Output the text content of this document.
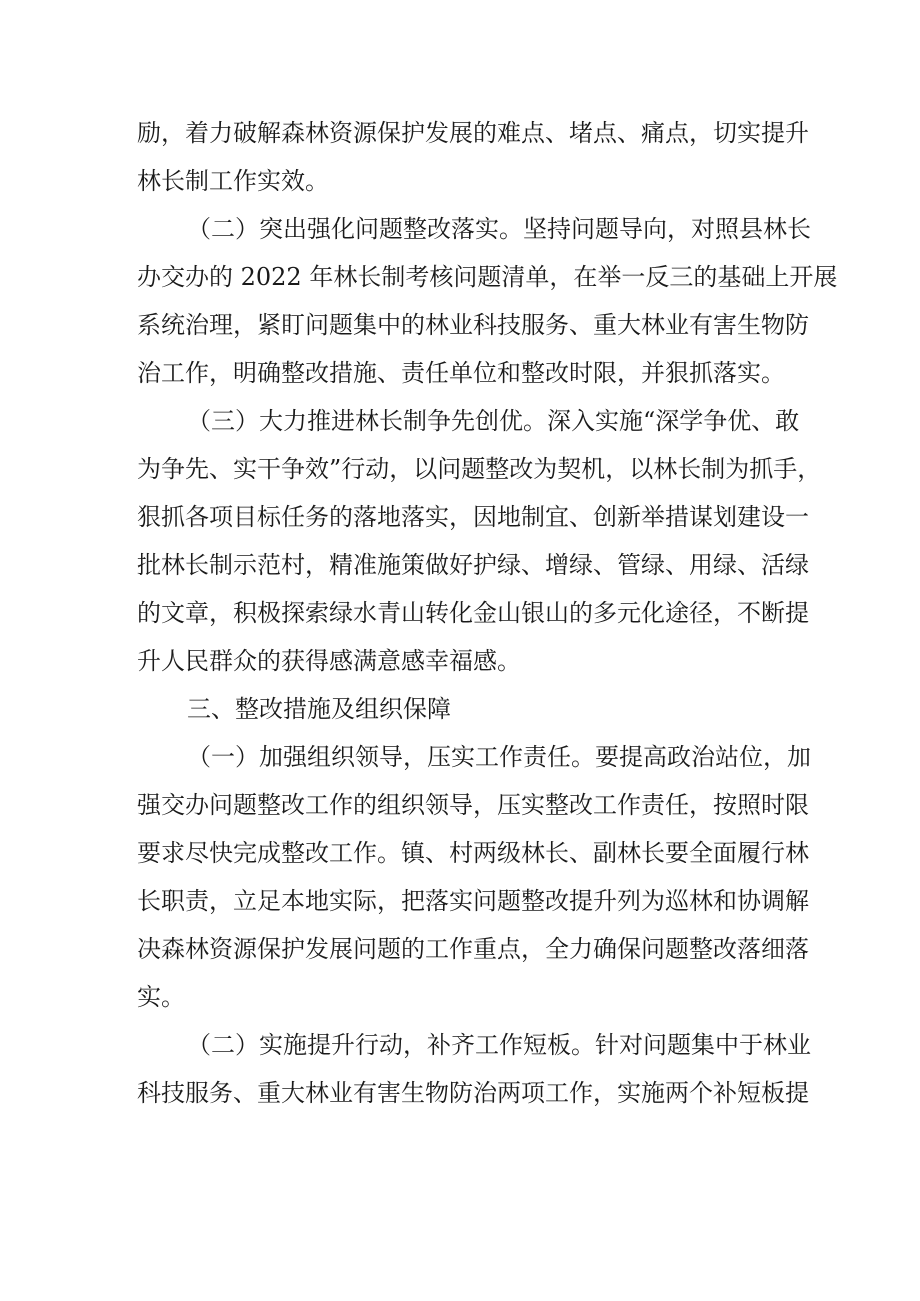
励，着力破解森林资源保护发展的难点、堵点、痛点，切实提升
林长制工作实效。
（二）突出强化问题整改落实。坚持问题导向，对照县林长
办交办的 2022 年林长制考核问题清单，在举一反三的基础上开展
系统治理，紧盯问题集中的林业科技服务、重大林业有害生物防
治工作，明确整改措施、责任单位和整改时限，并狠抓落实。
（三）大力推进林长制争先创优。深入实施“深学争优、敢
为争先、实干争效”行动，以问题整改为契机，以林长制为抓手，
狠抓各项目标任务的落地落实，因地制宜、创新举措谋划建设一
批林长制示范村，精准施策做好护绿、增绿、管绿、用绿、活绿
的文章，积极探索绿水青山转化金山银山的多元化途径，不断提
升人民群众的获得感满意感幸福感。
三、整改措施及组织保障
（一）加强组织领导，压实工作责任。要提高政治站位，加
强交办问题整改工作的组织领导，压实整改工作责任，按照时限
要求尽快完成整改工作。镇、村两级林长、副林长要全面履行林
长职责，立足本地实际，把落实问题整改提升列为巡林和协调解
决森林资源保护发展问题的工作重点，全力确保问题整改落细落
实。
（二）实施提升行动，补齐工作短板。针对问题集中于林业
科技服务、重大林业有害生物防治两项工作，实施两个补短板提
